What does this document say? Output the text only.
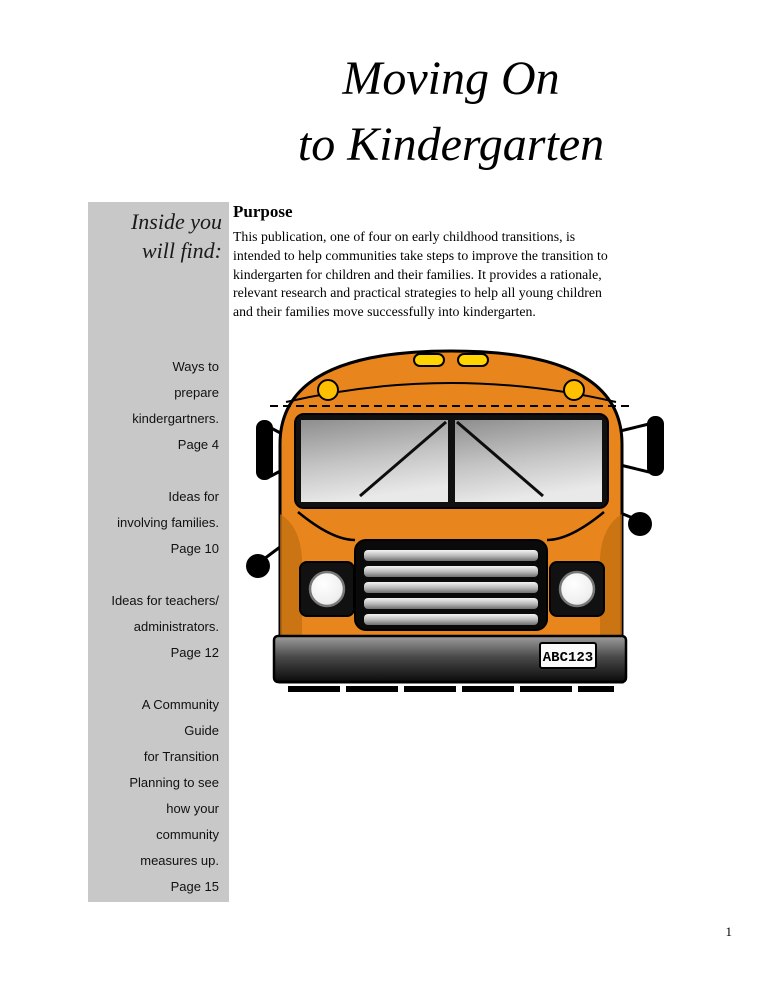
Moving On
to Kindergarten
Inside you
will find:
Ways to
prepare
kindergartners.
Page 4
Ideas for
involving families.
Page 10
Ideas for teachers/
administrators.
Page 12
A Community
Guide
for Transition
Planning to see
how your
community
measures up.
Page 15
Purpose
This publication, one of four on early childhood transitions, is
intended to help communities take steps to improve the transition to
kindergarten for children and their families. It provides a rationale,
relevant research and practical strategies to help all young children
and their families move successfully into kindergarten.
ABC123
1
